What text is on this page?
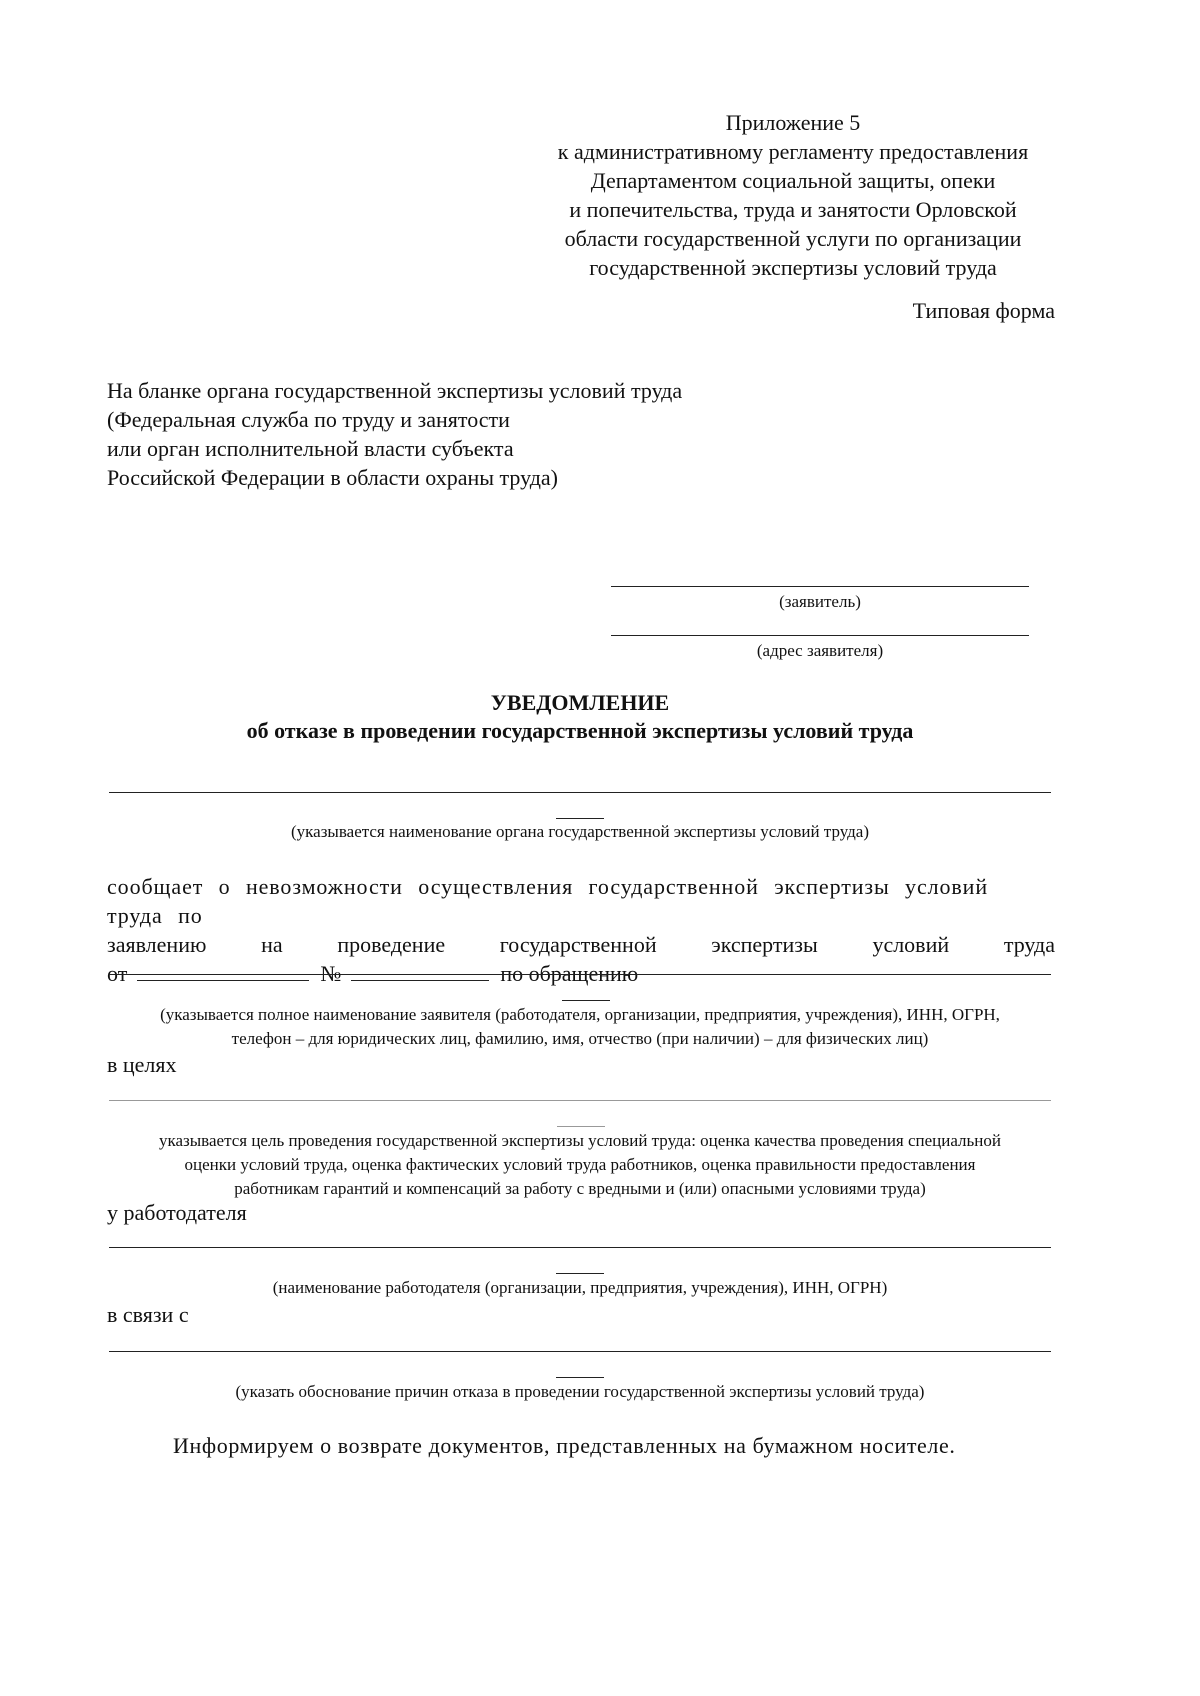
Приложение 5
к административному регламенту предоставления
Департаментом социальной защиты, опеки
и попечительства, труда и занятости Орловской
области государственной услуги по организации
государственной экспертизы условий труда
Типовая форма
На бланке органа государственной экспертизы условий труда
(Федеральная служба по труду и занятости
или орган исполнительной власти субъекта
Российской Федерации в области охраны труда)
(заявитель)
(адрес заявителя)
УВЕДОМЛЕНИЕ
об отказе в проведении государственной экспертизы условий труда
(указывается наименование органа государственной экспертизы условий труда)
сообщает о невозможности осуществления государственной экспертизы условий труда по
заявлению на проведение государственной экспертизы условий труда
от	№	по обращению
(указывается полное наименование заявителя (работодателя, организации, предприятия, учреждения), ИНН, ОГРН,
телефон – для юридических лиц, фамилию, имя, отчество (при наличии) – для физических лиц)
в целях
указывается цель проведения государственной экспертизы условий труда: оценка качества проведения специальной
оценки условий труда, оценка фактических условий труда работников, оценка правильности предоставления
работникам гарантий и компенсаций за работу с вредными и (или) опасными условиями труда)
у работодателя
(наименование работодателя (организации, предприятия, учреждения), ИНН, ОГРН)
в связи с
(указать обоснование причин отказа в проведении государственной экспертизы условий труда)
Информируем о возврате документов, представленных на бумажном носителе.
